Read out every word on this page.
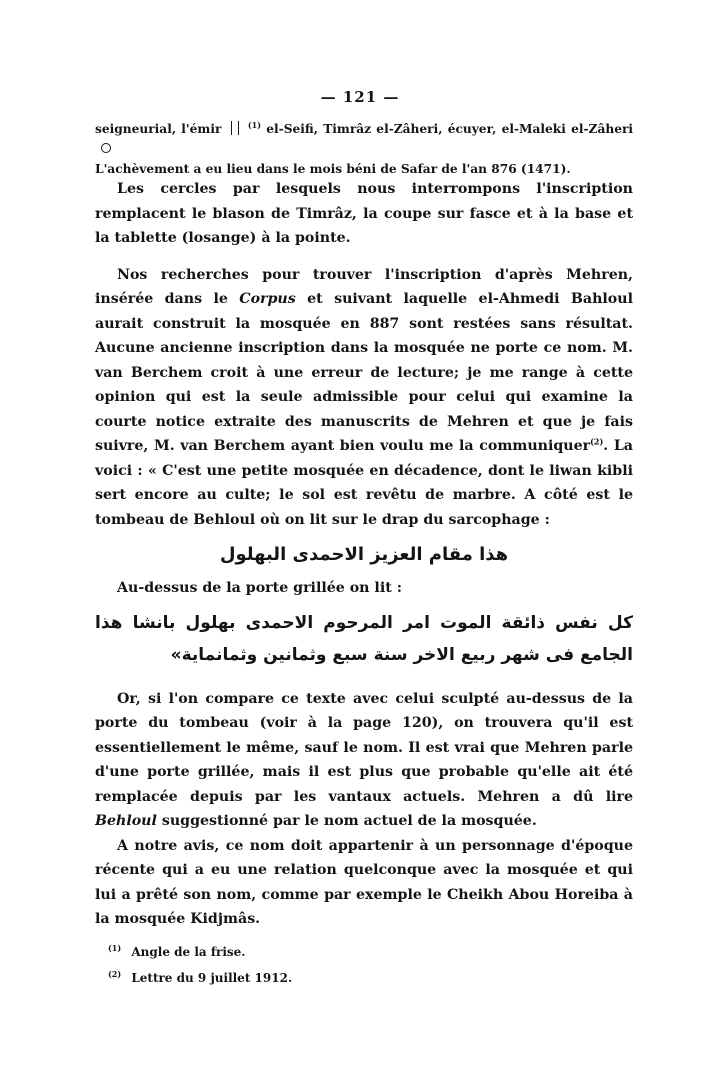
— 121 —

seigneurial, l'émir	$^{(1)}$ el-Seifi, Timrâz el-Zâheri, écuyer, el-Maleki el-Zâheri

L'achèvement a eu lieu dans le mois béni de Safar de l'an 876 (1471).

Les cercles par lesquels nous interrompons l'inscription remplacent le blason de Timrâz, la coupe sur fasce et à la base et la tablette (losange) à la pointe.

Nos recherches pour trouver l'inscription d'après Mehren, insérée dans le Corpus et suivant laquelle el-Ahmedi Bahloul aurait construit la mosquée en 887 sont restées sans résultat. Aucune ancienne inscription dans la mosquée ne porte ce nom. M. van Berchem croit à une erreur de lecture; je me range à cette opinion qui est la seule admissible pour celui qui examine la courte notice extraite des manuscrits de Mehren et que je fais suivre, M. van Berchem ayant bien voulu me la communiquer$^{(2)}$. La voici : « C'est une petite mosquée en décadence, dont le liwan kibli sert encore au culte; le sol est revêtu de marbre. A côté est le tombeau de Behloul où on lit sur le drap du sarcophage :

هذا مقام العزيز الاحمدى البهلول

Au-dessus de la porte grillée on lit :

كل نفس ذائقة الموت امر المرحوم الاحمدى بهلول بانشا هذا الجامع فى شهر ربيع الاخر سنة سبع وثمانين وثمانماية»

Or, si l'on compare ce texte avec celui sculpté au-dessus de la porte du tombeau (voir à la page 120), on trouvera qu'il est essentiellement le même, sauf le nom. Il est vrai que Mehren parle d'une porte grillée, mais il est plus que probable qu'elle ait été remplacée depuis par les vantaux actuels. Mehren a dû lire Behloul suggestionné par le nom actuel de la mosquée.

A notre avis, ce nom doit appartenir à un personnage d'époque récente qui a eu une relation quelconque avec la mosquée et qui lui a prêté son nom, comme par exemple le Cheikh Abou Horeiba à la mosquée Kidjmâs.

$^{(1)}$ Angle de la frise.
$^{(2)}$ Lettre du 9 juillet 1912.
